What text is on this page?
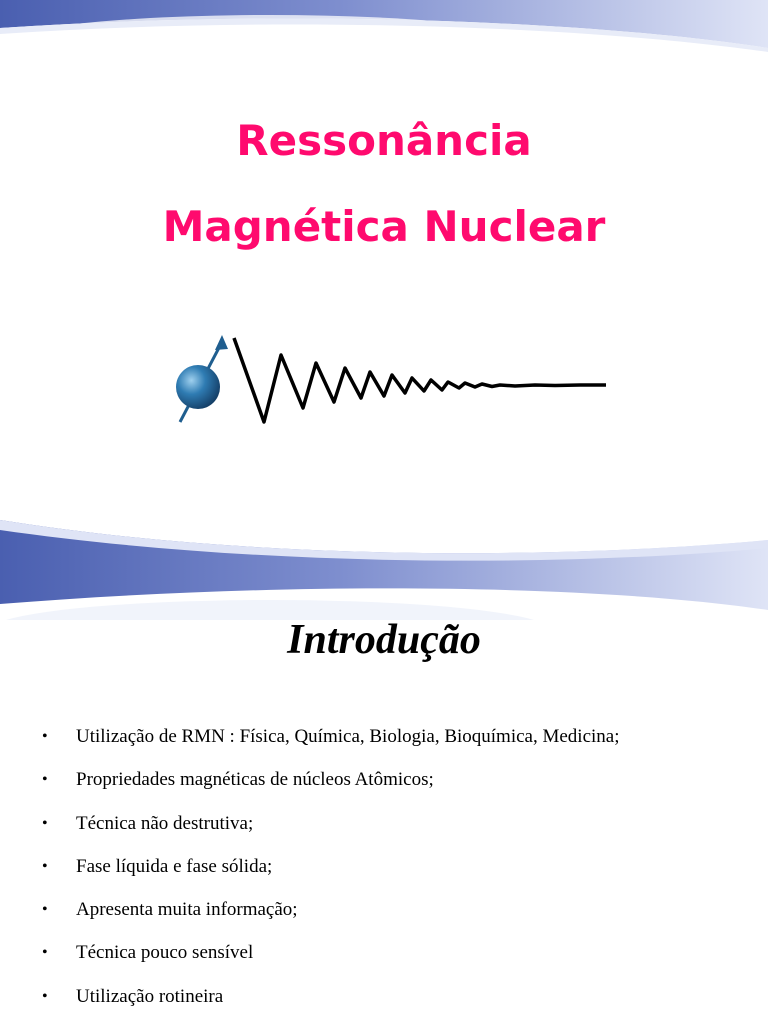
Ressonância
Magnética Nuclear
Introdução
• Utilização de RMN : Física, Química, Biologia, Bioquímica, Medicina;
• Propriedades magnéticas de núcleos Atômicos;
• Técnica não destrutiva;
• Fase líquida e fase sólida;
• Apresenta muita informação;
• Técnica pouco sensível
• Utilização rotineira
